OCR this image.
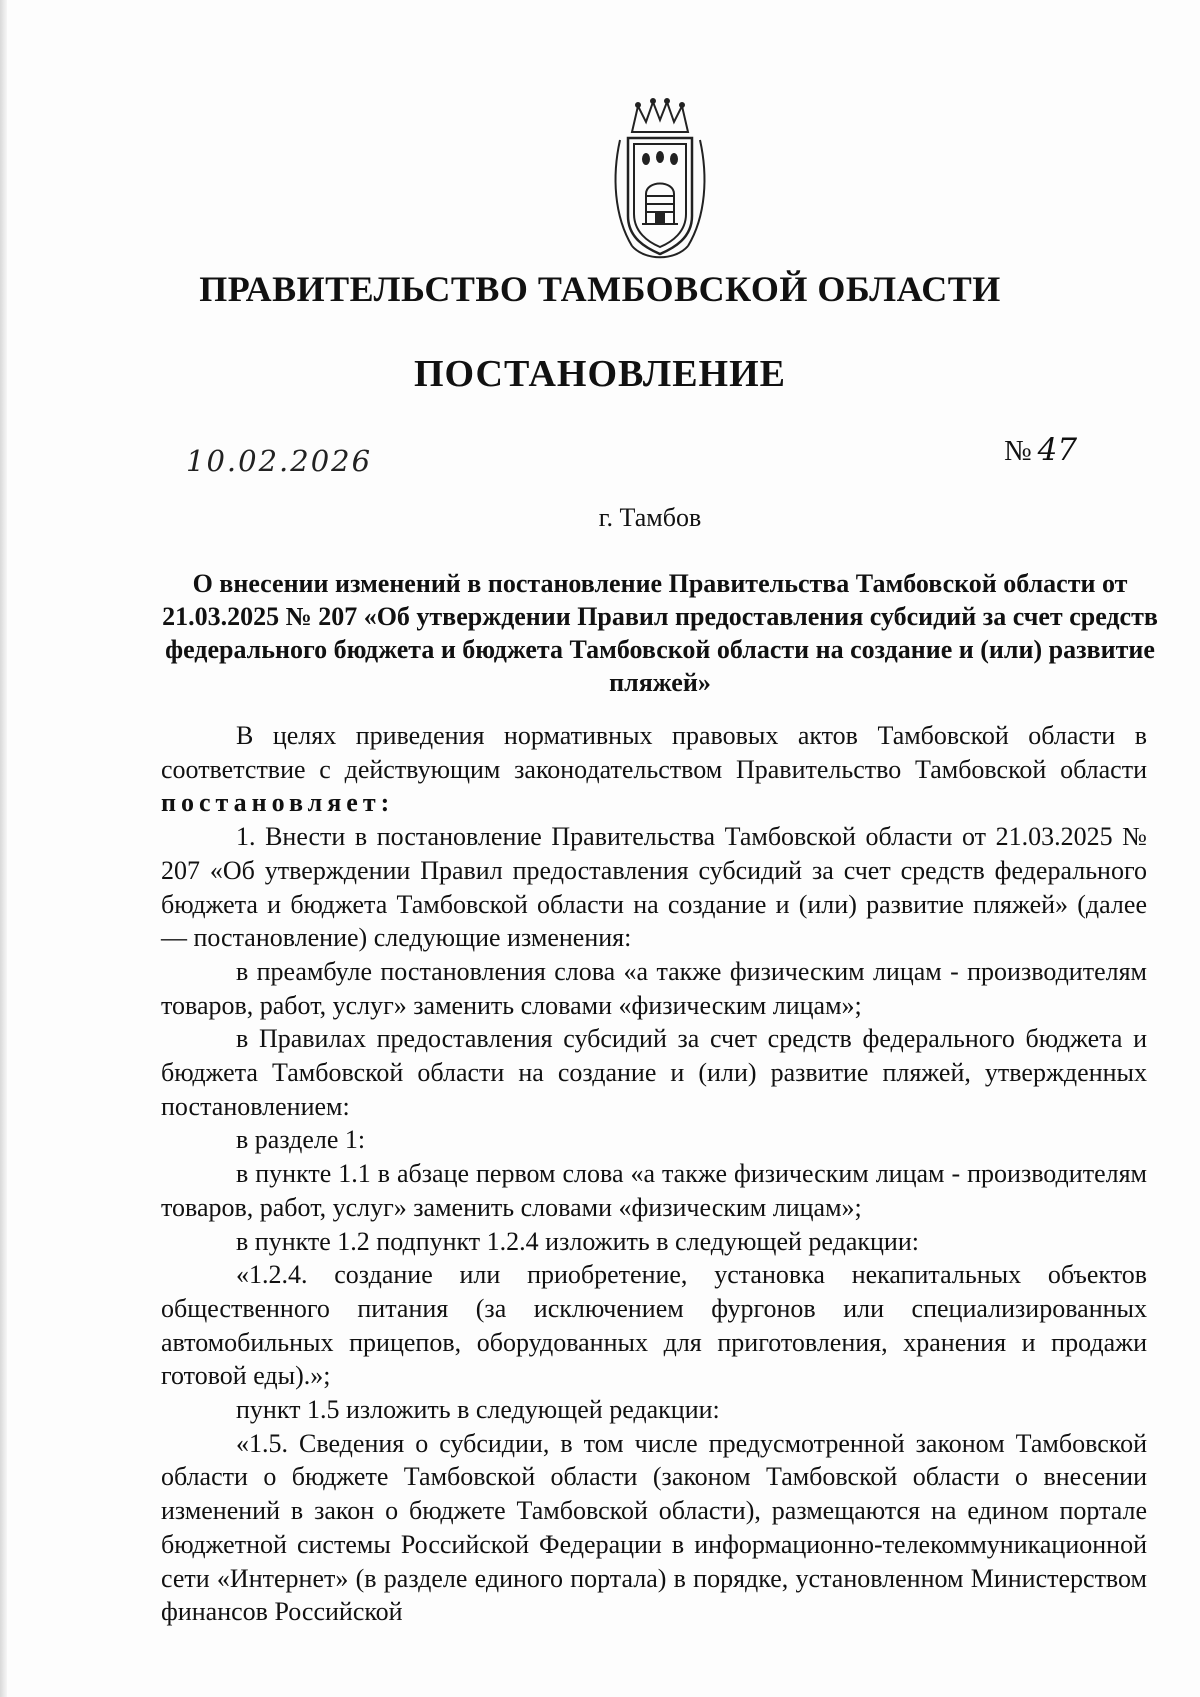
ПРАВИТЕЛЬСТВО ТАМБОВСКОЙ ОБЛАСТИ
ПОСТАНОВЛЕНИЕ
10.02.2026	№ 47

г. Тамбов

О внесении изменений в постановление Правительства Тамбовской области от 21.03.2025 № 207 «Об утверждении Правил предоставления субсидий за счет средств федерального бюджета и бюджета Тамбовской области на создание и (или) развитие пляжей»

В целях приведения нормативных правовых актов Тамбовской области в соответствие с действующим законодательством Правительство Тамбовской области постановляет:

1. Внести в постановление Правительства Тамбовской области от 21.03.2025 № 207 «Об утверждении Правил предоставления субсидий за счет средств федерального бюджета и бюджета Тамбовской области на создание и (или) развитие пляжей» (далее — постановление) следующие изменения:

в преамбуле постановления слова «а также физическим лицам - производителям товаров, работ, услуг» заменить словами «физическим лицам»;

в Правилах предоставления субсидий за счет средств федерального бюджета и бюджета Тамбовской области на создание и (или) развитие пляжей, утвержденных постановлением:

в разделе 1:

в пункте 1.1 в абзаце первом слова «а также физическим лицам - производителям товаров, работ, услуг» заменить словами «физическим лицам»;

в пункте 1.2 подпункт 1.2.4 изложить в следующей редакции:

«1.2.4. создание или приобретение, установка некапитальных объектов общественного питания (за исключением фургонов или специализированных автомобильных прицепов, оборудованных для приготовления, хранения и продажи готовой еды).»;

пункт 1.5 изложить в следующей редакции:

«1.5. Сведения о субсидии, в том числе предусмотренной законом Тамбовской области о бюджете Тамбовской области (законом Тамбовской области о внесении изменений в закон о бюджете Тамбовской области), размещаются на едином портале бюджетной системы Российской Федерации в информационно-телекоммуникационной сети «Интернет» (в разделе единого портала) в порядке, установленном Министерством финансов Российской
